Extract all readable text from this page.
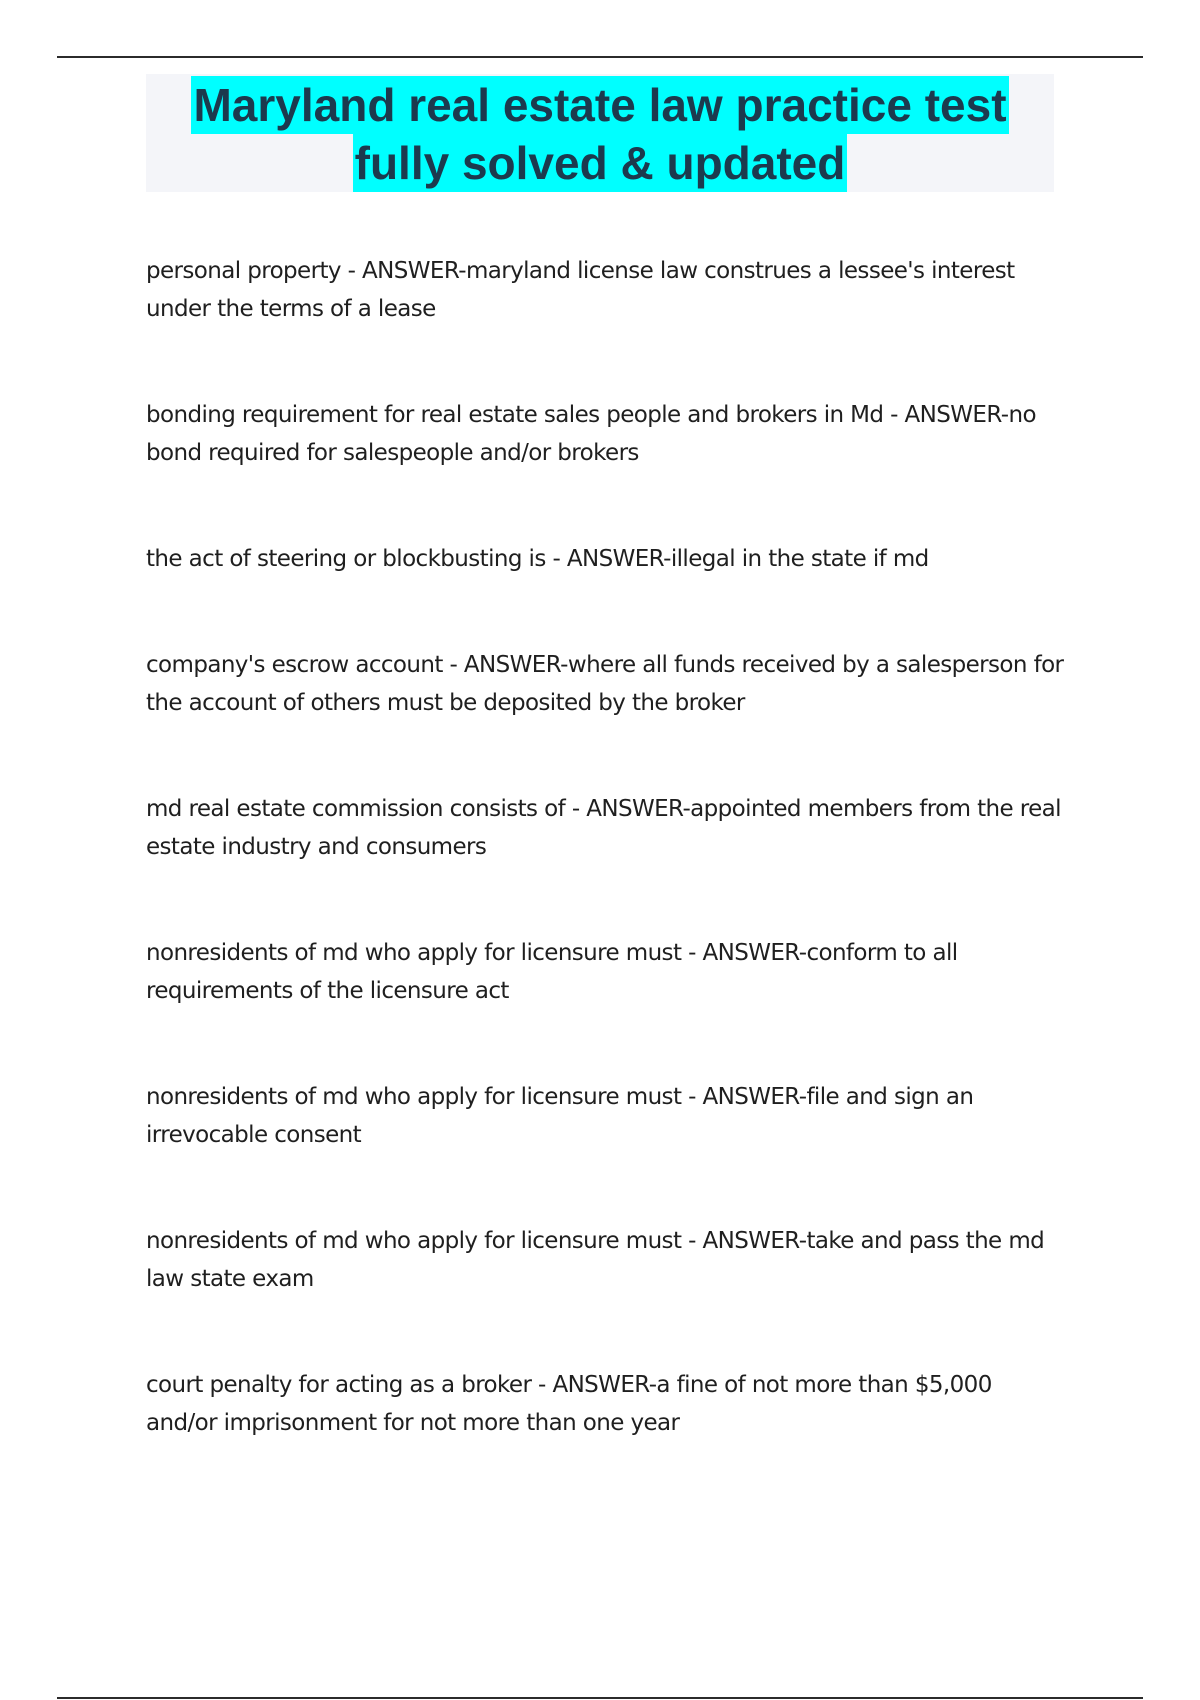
Maryland real estate law practice test
fully solved & updated
personal property - ANSWER-maryland license law construes a lessee's interest under the terms of a lease
bonding requirement for real estate sales people and brokers in Md - ANSWER-no bond required for salespeople and/or brokers
the act of steering or blockbusting is - ANSWER-illegal in the state if md
company's escrow account - ANSWER-where all funds received by a salesperson for the account of others must be deposited by the broker
md real estate commission consists of - ANSWER-appointed members from the real estate industry and consumers
nonresidents of md who apply for licensure must - ANSWER-conform to all requirements of the licensure act
nonresidents of md who apply for licensure must - ANSWER-file and sign an irrevocable consent
nonresidents of md who apply for licensure must - ANSWER-take and pass the md law state exam
court penalty for acting as a broker - ANSWER-a fine of not more than $5,000 and/or imprisonment for not more than one year
